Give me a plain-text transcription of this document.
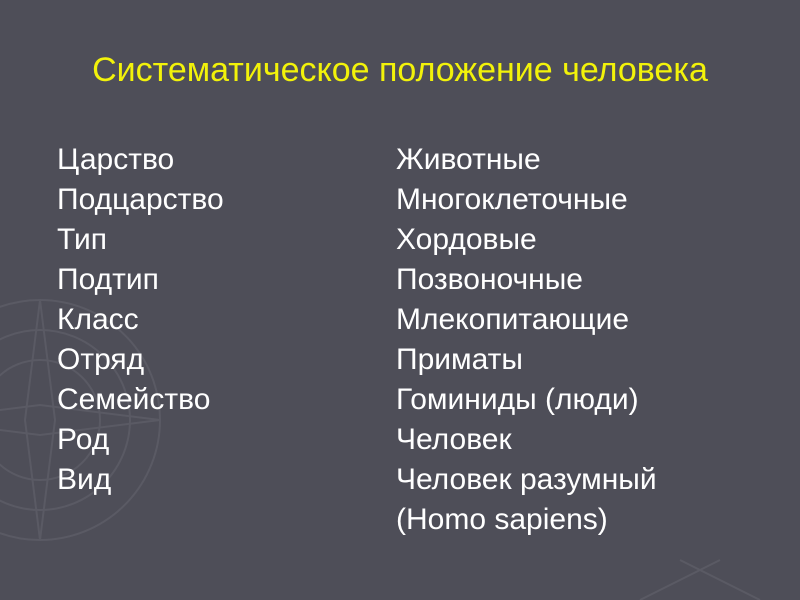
Систематическое положение человека
Царство
Подцарство
Тип
Подтип
Класс
Отряд
Семейство
Род
Вид
Животные
Многоклеточные
Хордовые
Позвоночные
Млекопитающие
Приматы
Гоминиды (люди)
Человек
Человек разумный
(Homo sapiens)
